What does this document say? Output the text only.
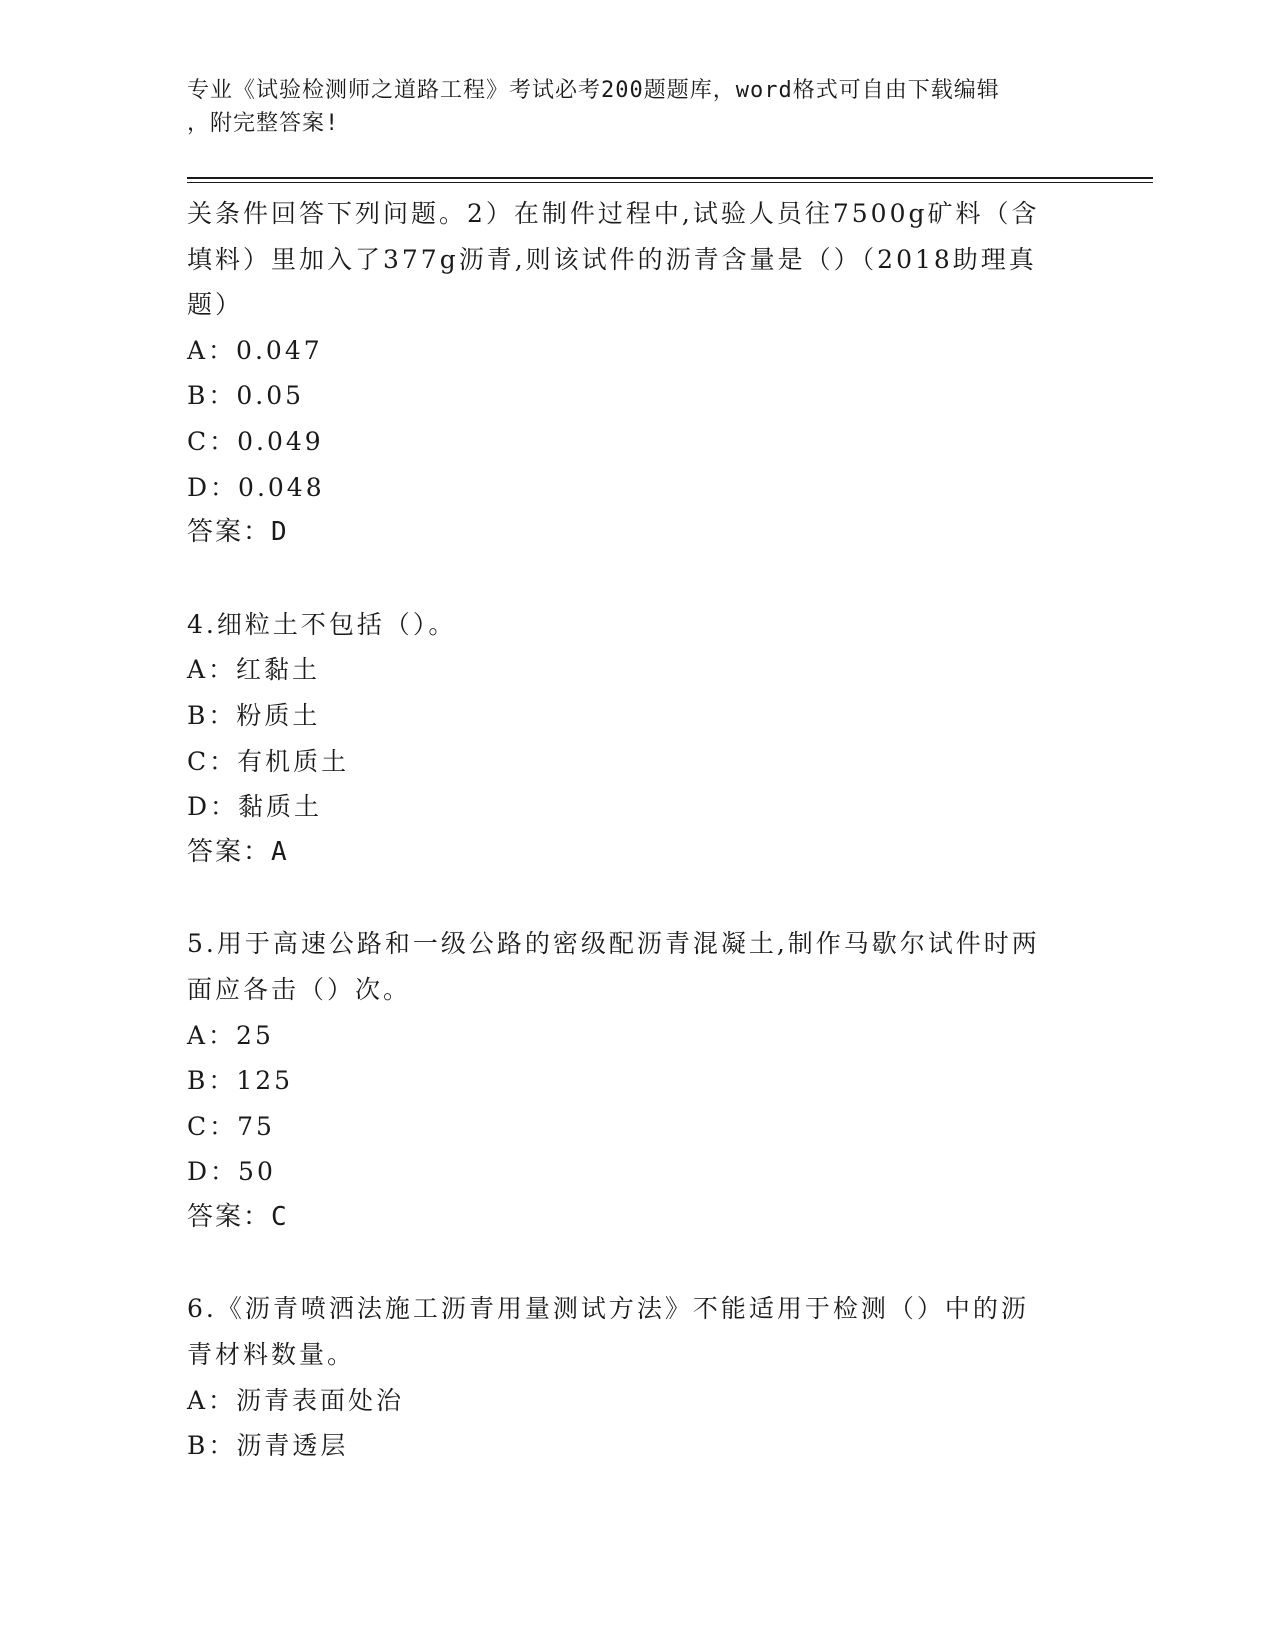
专业《试验检测师之道路工程》考试必考200题题库，word格式可自由下载编辑
，附完整答案!
关条件回答下列问题。2）在制件过程中,试验人员往7500g矿料（含
填料）里加入了377g沥青,则该试件的沥青含量是（）（2018助理真
题）
A：0.047
B：0.05
C：0.049
D：0.048
答案：D
4.细粒土不包括（）。
A：红黏土
B：粉质土
C：有机质土
D：黏质土
答案：A
5.用于高速公路和一级公路的密级配沥青混凝土,制作马歇尔试件时两
面应各击（）次。
A：25
B：125
C：75
D：50
答案：C
6.《沥青喷洒法施工沥青用量测试方法》不能适用于检测（）中的沥
青材料数量。
A：沥青表面处治
B：沥青透层
